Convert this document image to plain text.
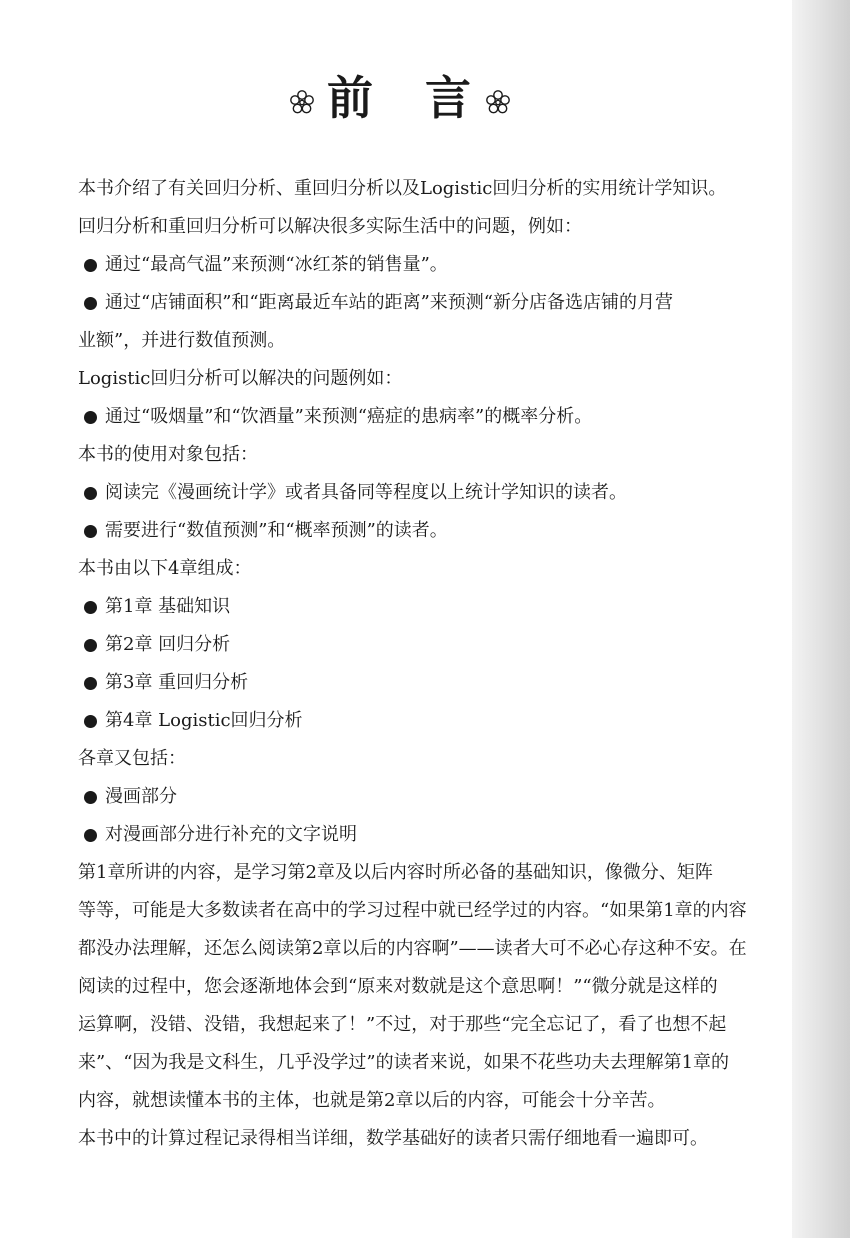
前 言
本书介绍了有关回归分析、重回归分析以及Logistic回归分析的实用统计学知识。
回归分析和重回归分析可以解决很多实际生活中的问题，例如：
通过“最高气温”来预测“冰红茶的销售量”。
通过“店铺面积”和“距离最近车站的距离”来预测“新分店备选店铺的月营
业额”，并进行数值预测。
Logistic回归分析可以解决的问题例如：
通过“吸烟量”和“饮酒量”来预测“癌症的患病率”的概率分析。
本书的使用对象包括：
阅读完《漫画统计学》或者具备同等程度以上统计学知识的读者。
需要进行“数值预测”和“概率预测”的读者。
本书由以下4章组成：
第1章 基础知识
第2章 回归分析
第3章 重回归分析
第4章 Logistic回归分析
各章又包括：
漫画部分
对漫画部分进行补充的文字说明
第1章所讲的内容，是学习第2章及以后内容时所必备的基础知识，像微分、矩阵
等等，可能是大多数读者在高中的学习过程中就已经学过的内容。“如果第1章的内容
都没办法理解，还怎么阅读第2章以后的内容啊”——读者大可不必心存这种不安。在
阅读的过程中，您会逐渐地体会到“原来对数就是这个意思啊！”“微分就是这样的
运算啊，没错、没错，我想起来了！”不过，对于那些“完全忘记了，看了也想不起
来”、“因为我是文科生，几乎没学过”的读者来说，如果不花些功夫去理解第1章的
内容，就想读懂本书的主体，也就是第2章以后的内容，可能会十分辛苦。
本书中的计算过程记录得相当详细，数学基础好的读者只需仔细地看一遍即可。
